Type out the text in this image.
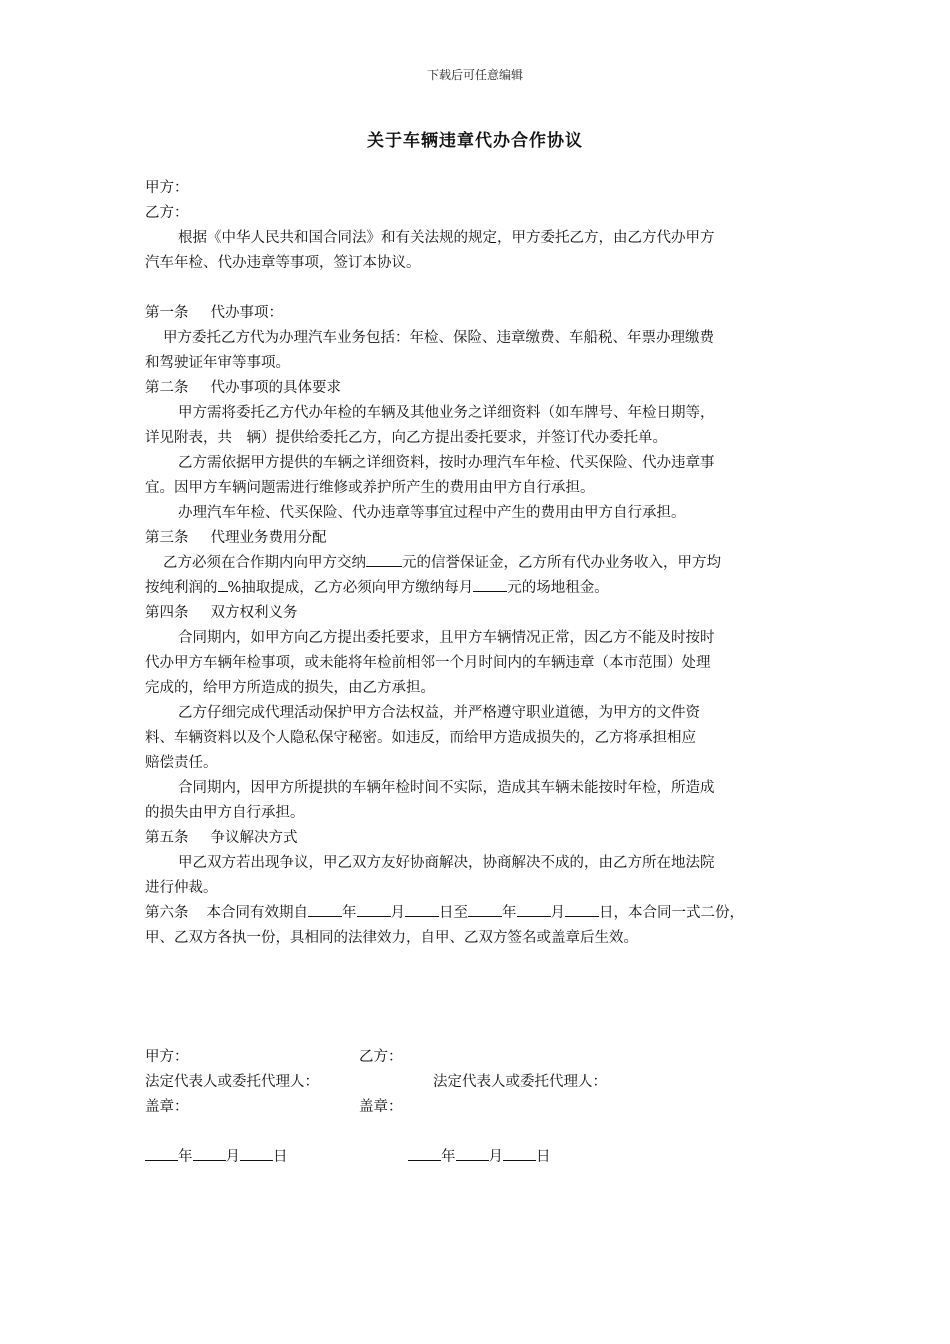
下载后可任意编辑
关于车辆违章代办合作协议

甲方：

乙方：

根据《中华人民共和国合同法》和有关法规的规定，甲方委托乙方，由乙方代办甲方

汽车年检、代办违章等事项，签订本协议。

第一条 代办事项：

甲方委托乙方代为办理汽车业务包括：年检、保险、违章缴费、车船税、年票办理缴费

和驾驶证年审等事项。

第二条 代办事项的具体要求

甲方需将委托乙方代办年检的车辆及其他业务之详细资料（如车牌号、年检日期等，

详见附表，共　辆）提供给委托乙方，向乙方提出委托要求，并签订代办委托单。

乙方需依据甲方提供的车辆之详细资料，按时办理汽车年检、代买保险、代办违章事

宜。因甲方车辆问题需进行维修或养护所产生的费用由甲方自行承担。

办理汽车年检、代买保险、代办违章等事宜过程中产生的费用由甲方自行承担。

第三条 代理业务费用分配

乙方必须在合作期内向甲方交纳 元的信誉保证金，乙方所有代办业务收入，甲方均

按纯利润的 %抽取提成，乙方必须向甲方缴纳每月 元的场地租金。

第四条 双方权利义务

合同期内，如甲方向乙方提出委托要求，且甲方车辆情况正常，因乙方不能及时按时

代办甲方车辆年检事项，或未能将年检前相邻一个月时间内的车辆违章（本市范围）处理

完成的，给甲方所造成的损失，由乙方承担。

乙方仔细完成代理活动保护甲方合法权益，并严格遵守职业道德，为甲方的文件资

料、车辆资料以及个人隐私保守秘密。如违反，而给甲方造成损失的，乙方将承担相应

赔偿责任。

合同期内，因甲方所提拱的车辆年检时间不实际，造成其车辆未能按时年检，所造成

的损失由甲方自行承担。

第五条 争议解决方式

甲乙双方若出现争议，甲乙双方友好协商解决，协商解决不成的，由乙方所在地法院

进行仲裁。

第六条 本合同有效期自 年 月 日至 年 月 日，本合同一式二份，

甲、乙双方各执一份，具相同的法律效力，自甲、乙双方签名或盖章后生效。

甲方：	乙方：
法定代表人或委托代理人：	法定代表人或委托代理人：
盖章：	盖章：
年 月 日	年 月 日
